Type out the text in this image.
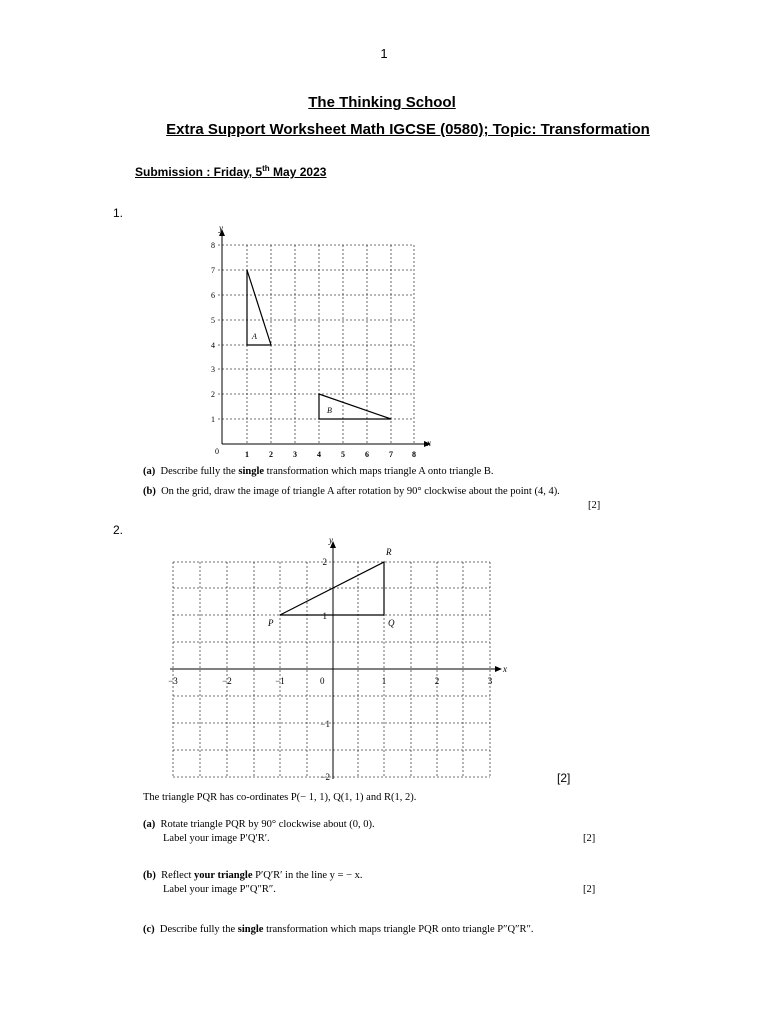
1
The Thinking School
Extra Support Worksheet Math IGCSE (0580); Topic: Transformation
Submission : Friday, 5th May 2023
1.
y
x
0	1	2	3	4	5	6	7 8
1
2
3
4
5
6
7
8
A
B
(a) Describe fully the single transformation which maps triangle A onto triangle B.
(b) On the grid, draw the image of triangle A after rotation by 90° clockwise about the point (4, 4).
[2]
2.
y
x
0
−3	−2	−1	1	2	3
2
1
−1
−2
P	Q
R
[2]
The triangle PQR has co-ordinates P(− 1, 1), Q(1, 1) and R(1, 2).
(a) Rotate triangle PQR by 90° clockwise about (0, 0).
Label your image P′Q′R′.	[2]
(b) Reflect your triangle P′Q′R′ in the line y = − x.
Label your image P″Q″R″.	[2]
(c) Describe fully the single transformation which maps triangle PQR onto triangle P″Q″R″.
